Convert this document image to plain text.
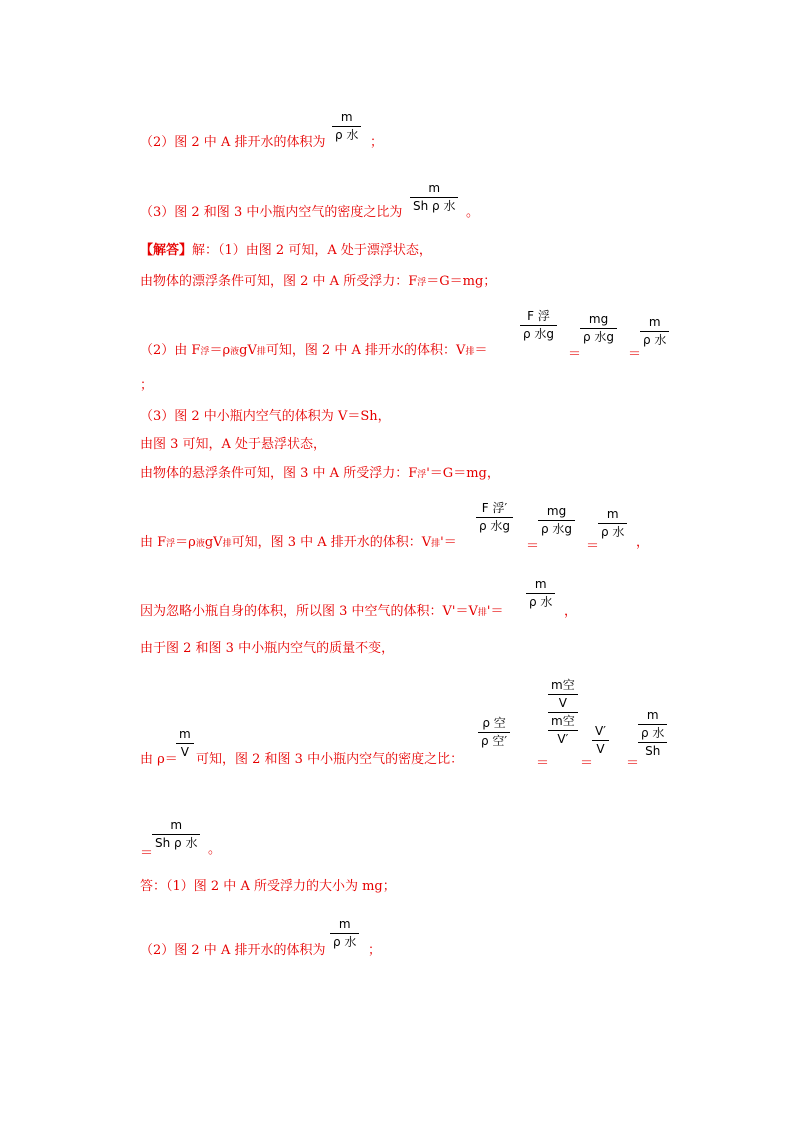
（2）图 2 中 A 排开水的体积为
m
ρ 水 ；
（3）图 2 和图 3 中小瓶内空气的密度之比为
m
Sh ρ 水 。
【解答】解：（1）由图 2 可知，A 处于漂浮状态，
由物体的漂浮条件可知，图 2 中 A 所受浮力：F浮＝G＝mg；
（2）由 F浮＝ρ液gV排可知，图 2 中 A 排开水的体积：V排＝
F 浮
ρ 水g
＝
mg
ρ 水g
＝
m
ρ 水
；
（3）图 2 中小瓶内空气的体积为 V＝Sh，
由图 3 可知，A 处于悬浮状态，
由物体的悬浮条件可知，图 3 中 A 所受浮力：F浮'＝G＝mg，
由 F浮＝ρ液gV排可知，图 3 中 A 排开水的体积：V排'＝
F 浮′
ρ 水g
＝
mg
ρ 水g
＝
m
ρ 水
，
因为忽略小瓶自身的体积，所以图 3 中空气的体积：V'＝V排'＝
m
ρ 水
，
由于图 2 和图 3 中小瓶内空气的质量不变，
由 ρ＝
m
V 可知，图 2 和图 3 中小瓶内空气的密度之比：
ρ 空
ρ 空′
＝
m空
V
m空
V′
＝
V′
V
＝
m
ρ 水
Sh
＝
m
Sh ρ 水 。
答：（1）图 2 中 A 所受浮力的大小为 mg；
（2）图 2 中 A 排开水的体积为
m
ρ 水
；
